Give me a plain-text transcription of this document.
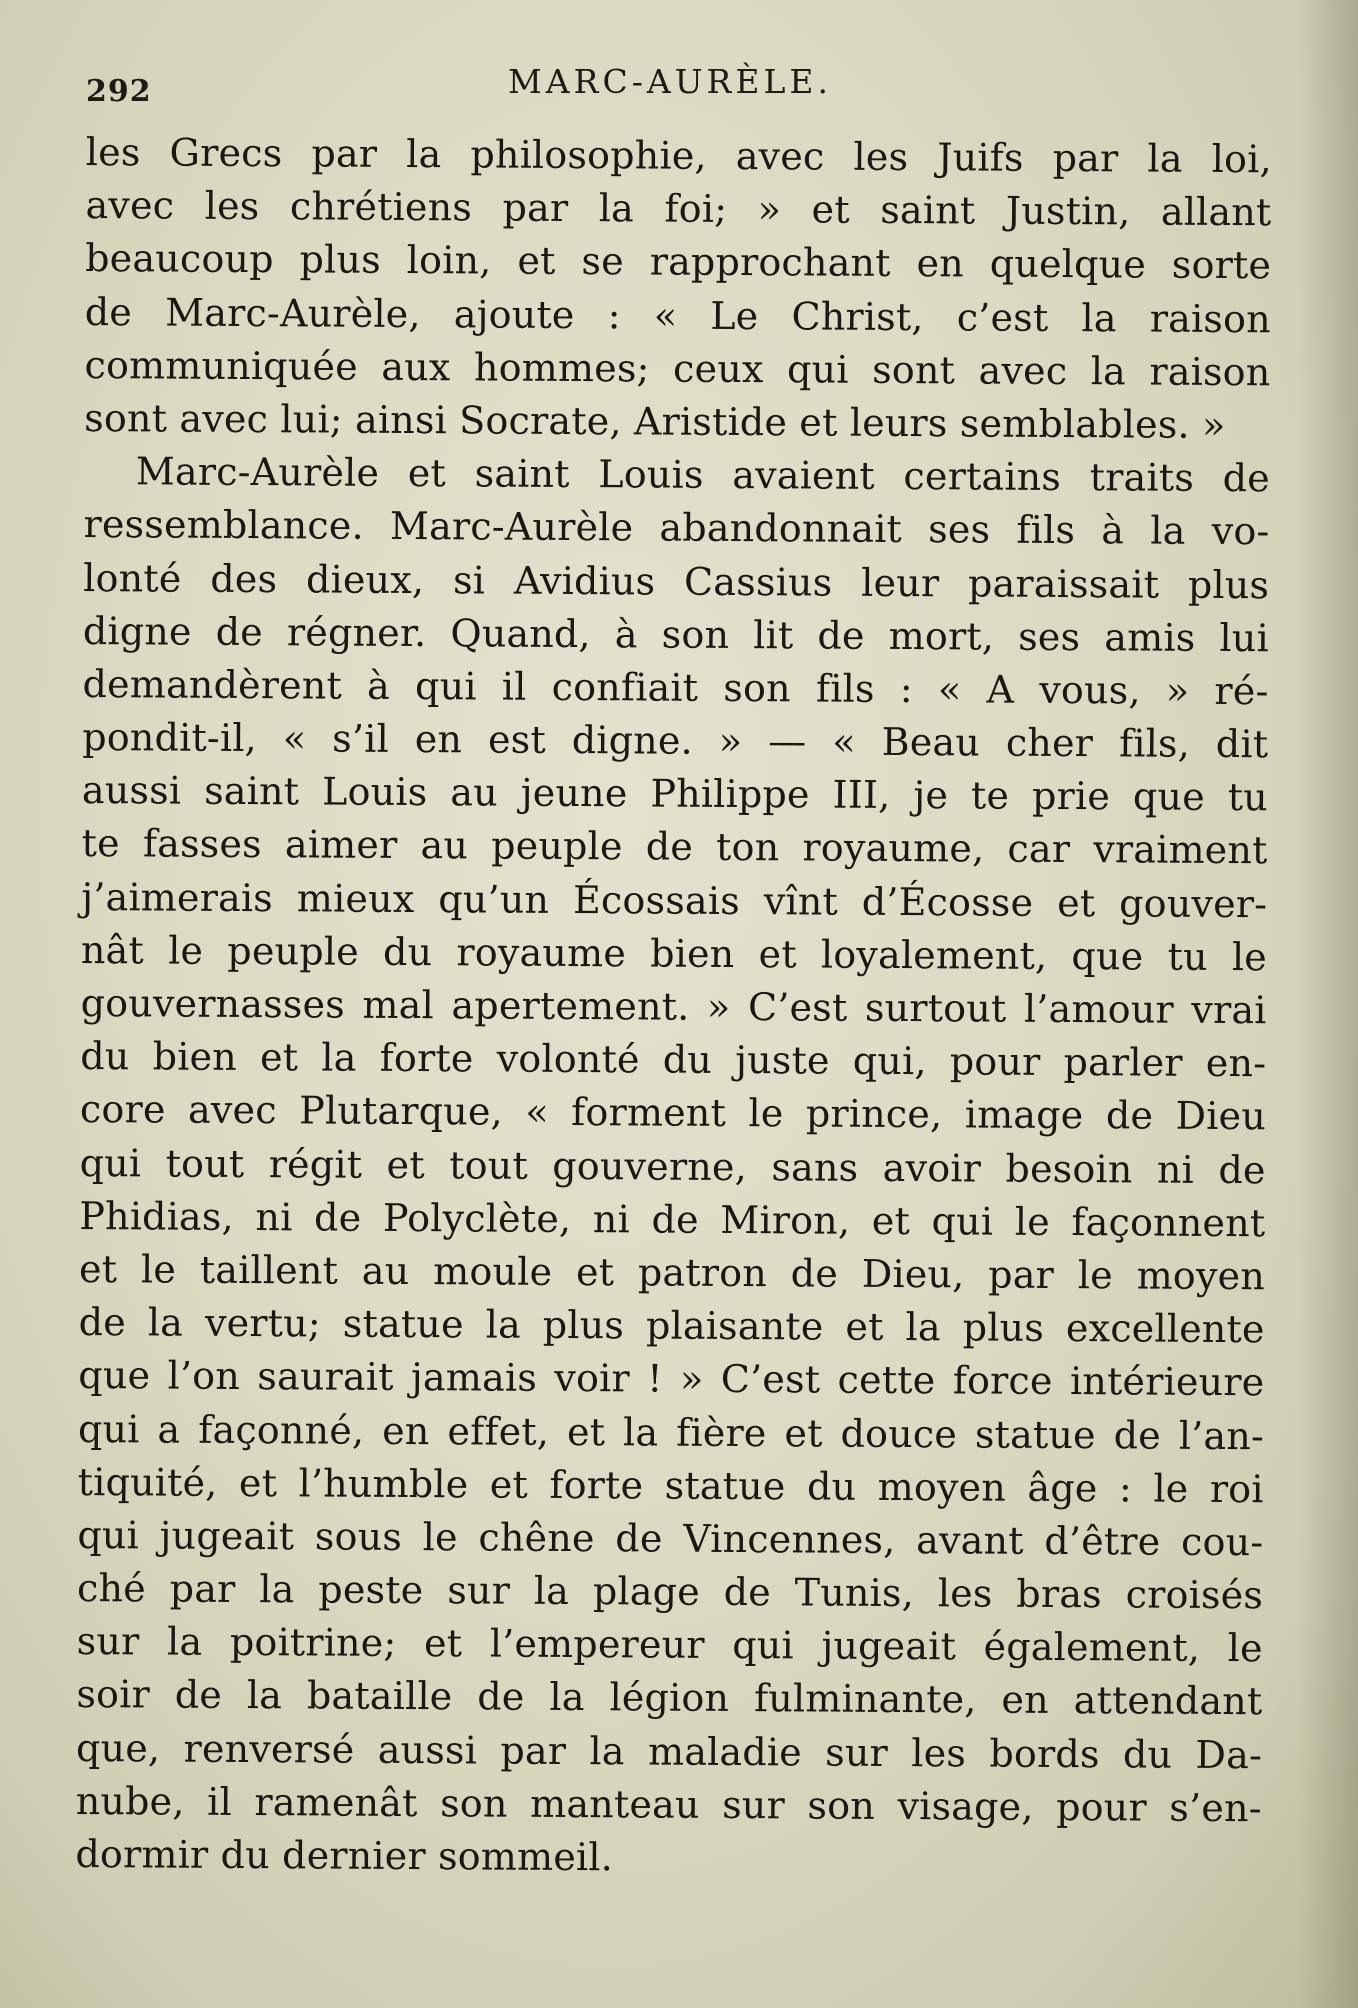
292	MARC-AURÈLE.

les Grecs par la philosophie, avec les Juifs par la loi,
avec les chrétiens par la foi; » et saint Justin, allant
beaucoup plus loin, et se rapprochant en quelque sorte
de Marc-Aurèle, ajoute : « Le Christ, c’est la raison
communiquée aux hommes; ceux qui sont avec la raison
sont avec lui; ainsi Socrate, Aristide et leurs semblables. »

Marc-Aurèle et saint Louis avaient certains traits de
ressemblance. Marc-Aurèle abandonnait ses fils à la vo-
lonté des dieux, si Avidius Cassius leur paraissait plus
digne de régner. Quand, à son lit de mort, ses amis lui
demandèrent à qui il confiait son fils : « A vous, » ré-
pondit-il, « s’il en est digne. » — « Beau cher fils, dit
aussi saint Louis au jeune Philippe III, je te prie que tu
te fasses aimer au peuple de ton royaume, car vraiment
j’aimerais mieux qu’un Écossais vînt d’Écosse et gouver-
nât le peuple du royaume bien et loyalement, que tu le
gouvernasses mal apertement. » C’est surtout l’amour vrai
du bien et la forte volonté du juste qui, pour parler en-
core avec Plutarque, « forment le prince, image de Dieu
qui tout régit et tout gouverne, sans avoir besoin ni de
Phidias, ni de Polyclète, ni de Miron, et qui le façonnent
et le taillent au moule et patron de Dieu, par le moyen
de la vertu; statue la plus plaisante et la plus excellente
que l’on saurait jamais voir ! » C’est cette force intérieure
qui a façonné, en effet, et la fière et douce statue de l’an-
tiquité, et l’humble et forte statue du moyen âge : le roi
qui jugeait sous le chêne de Vincennes, avant d’être cou-
ché par la peste sur la plage de Tunis, les bras croisés
sur la poitrine; et l’empereur qui jugeait également, le
soir de la bataille de la légion fulminante, en attendant
que, renversé aussi par la maladie sur les bords du Da-
nube, il ramenât son manteau sur son visage, pour s’en-
dormir du dernier sommeil.
